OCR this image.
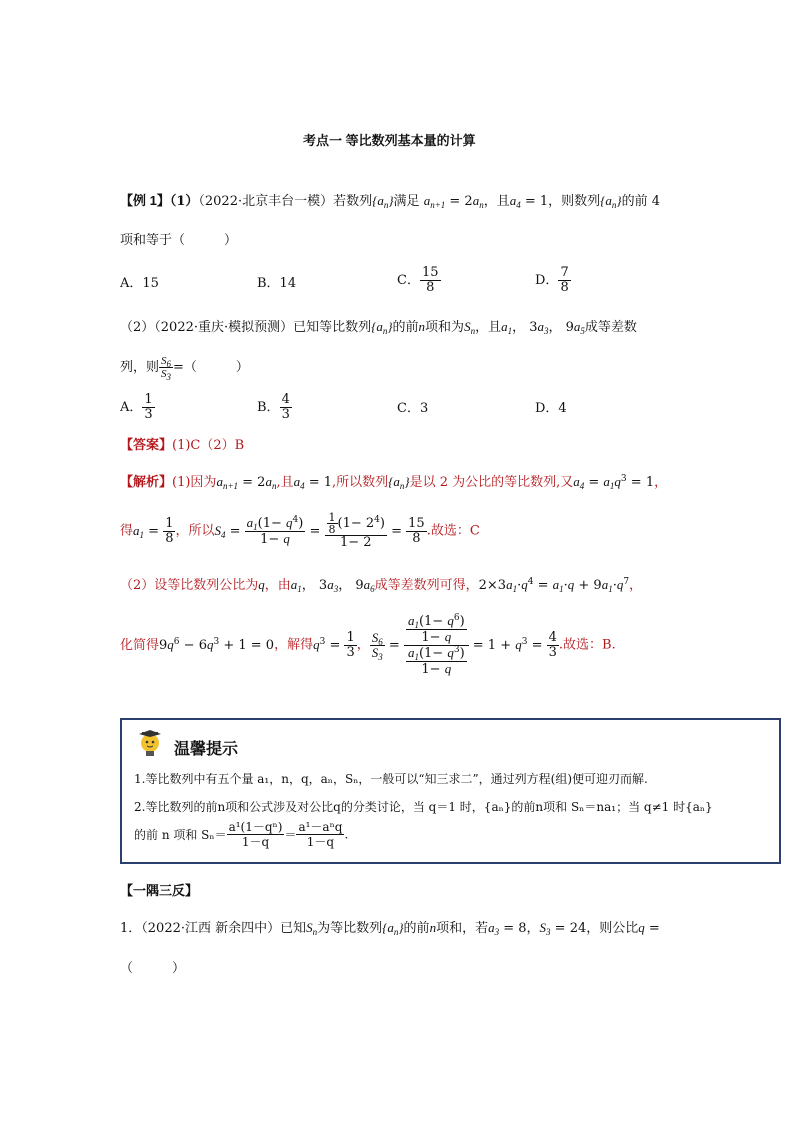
考点一 等比数列基本量的计算
【例 1】（1）（2022·北京丰台一模）若数列$\{a_n\}$满足 $a_{n+1} = 2a_n$，且$a_4 = 1$，则数列$\{a_n\}$的前 4
项和等于（　　　）
A．15	B．14	C． $\frac{15}{8}$	D． $\frac{7}{8}$
（2）（2022·重庆·模拟预测）已知等比数列$\{a_n\}$的前n项和为$S_n$，且$a_1$， $3a_3$， $9a_5$成等差数
列，则 $\frac{S_6}{S_3}$ =（　　　）
A． $\frac{1}{3}$	B． $\frac{4}{3}$	C．3	D．4
【答案】(1)C（2）B
【解析】(1)因为$a_{n+1} = 2a_n$,且$a_4 = 1$,所以数列$\{a_n\}$是以 2 为公比的等比数列,又$a_4 = a_1q^3 = 1$，
得$a_1 = \frac{1}{8}$ ，所以$S_4 = \frac{a_1(1- q^4)}{1- q} = \frac{\frac{1}{8} (1- 2^4)}{1- 2} = \frac{15}{8}$ .故选：C
（2）设等比数列公比为q，由$a_1$， $3a_3$， $9a_6$成等差数列可得，$2\times 3a_1\cdot q^4 = a_1\cdot q + 9a_1\cdot q^7$，
化简得$9q^6 - 6q^3 + 1 = 0$，解得$q^3 = \frac{1}{3}$ ， $\frac{S_6}{S_3} = \frac{\frac{a_1(1- q^6)}{1- q}}{\frac{a_1(1- q^3)}{1- q}} = 1 + q^3 = \frac{4}{3}$ .故选：B.
温馨提示
1.等比数列中有五个量 a₁，n，q，aₙ，Sₙ，一般可以“知三求二”，通过列方程(组)便可迎刃而解.
2.等比数列的前n项和公式涉及对公比q的分类讨论，当 q＝1 时，{aₙ}的前n项和 Sₙ＝na₁；当 q≠1 时{aₙ}
的前 n 项和 $S_n= \frac{\text{a¹(1－qⁿ)}}{1-q} = \frac{\text{a¹－aⁿq}}{1-q}$ .
【一隅三反】
1．（2022·江西 新余四中）已知$S_n$为等比数列$\{a_n\}$的前n项和，若$a_3 = 8$，$S_3 = 24$，则公比q =
（　　　）
